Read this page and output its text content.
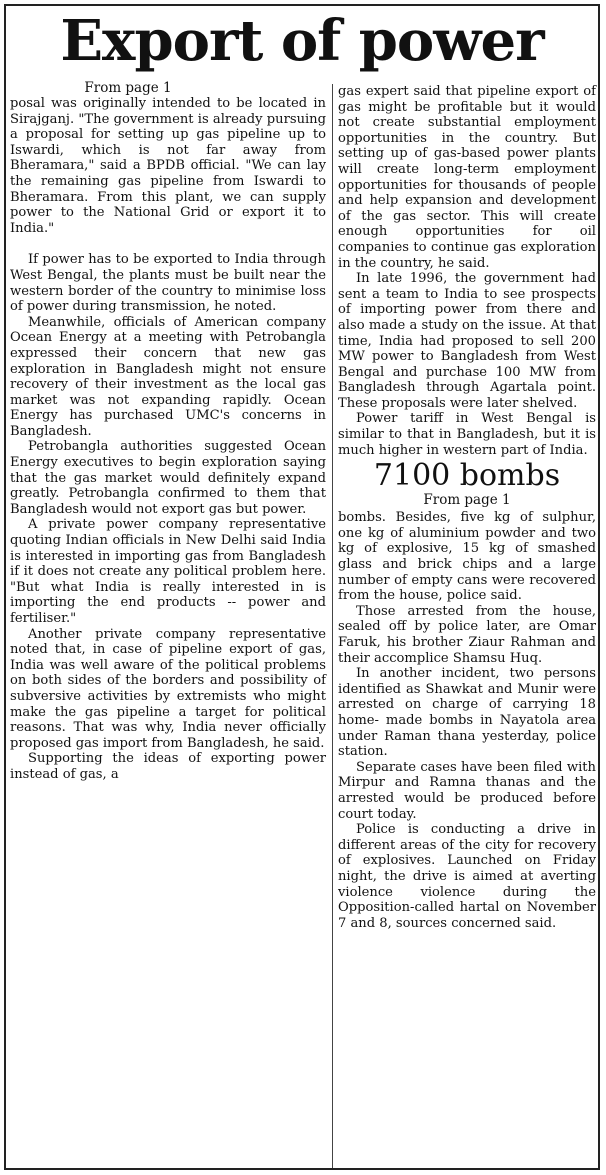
Export of power
From page 1

posal was originally intended to be located in Sirajganj. "The government is already pursuing a proposal for setting up gas pipeline up to Iswardi, which is not far away from Bheramara," said a BPDB official. "We can lay the remaining gas pipeline from Iswardi to Bheramara. From this plant, we can supply power to the National Grid or export it to India."

If power has to be exported to India through West Bengal, the plants must be built near the western border of the country to minimise loss of power during transmission, he noted.

Meanwhile, officials of American company Ocean Energy at a meeting with Petrobangla expressed their concern that new gas exploration in Bangladesh might not ensure recovery of their investment as the local gas market was not expanding rapidly. Ocean Energy has purchased UMC's concerns in Bangladesh.

Petrobangla authorities suggested Ocean Energy executives to begin exploration saying that the gas market would definitely expand greatly. Petrobangla confirmed to them that Bangladesh would not export gas but power.

A private power company representative quoting Indian officials in New Delhi said India is interested in importing gas from Bangladesh if it does not create any political problem here. "But what India is really interested in is importing the end products -- power and fertiliser."

Another private company representative noted that, in case of pipeline export of gas, India was well aware of the political problems on both sides of the borders and possibility of subversive activities by extremists who might make the gas pipeline a target for political reasons. That was why, India never officially proposed gas import from Bangladesh, he said.

Supporting the ideas of exporting power instead of gas, a

gas expert said that pipeline export of gas might be profitable but it would not create substantial employment opportunities in the country. But setting up of gas-based power plants will create long-term employment opportunities for thousands of people and help expansion and development of the gas sector. This will create enough opportunities for oil companies to continue gas exploration in the country, he said.

In late 1996, the government had sent a team to India to see prospects of importing power from there and also made a study on the issue. At that time, India had proposed to sell 200 MW power to Bangladesh from West Bengal and purchase 100 MW from Bangladesh through Agartala point. These proposals were later shelved.

Power tariff in West Bengal is similar to that in Bangladesh, but it is much higher in western part of India.

7100 bombs
From page 1

bombs. Besides, five kg of sulphur, one kg of aluminium powder and two kg of explosive, 15 kg of smashed glass and brick chips and a large number of empty cans were recovered from the house, police said.

Those arrested from the house, sealed off by police later, are Omar Faruk, his brother Ziaur Rahman and their accomplice Shamsu Huq.

In another incident, two persons identified as Shawkat and Munir were arrested on charge of carrying 18 home- made bombs in Nayatola area under Raman thana yesterday, police station.

Separate cases have been filed with Mirpur and Ramna thanas and the arrested would be produced before court today.

Police is conducting a drive in different areas of the city for recovery of explosives. Launched on Friday night, the drive is aimed at averting violence violence during the Opposition-called hartal on November 7 and 8, sources concerned said.
